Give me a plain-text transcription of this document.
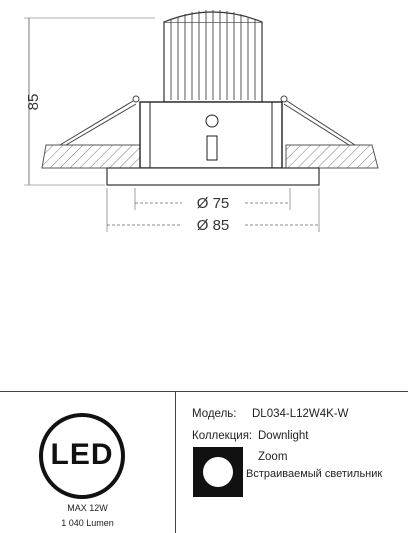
85
Ø 75
Ø 85
LED
MAX 12W
1 040 Lumen
Модель: DL034-L12W4K-W
Коллекция: Downlight
Zoom
Встраиваемый светильник
